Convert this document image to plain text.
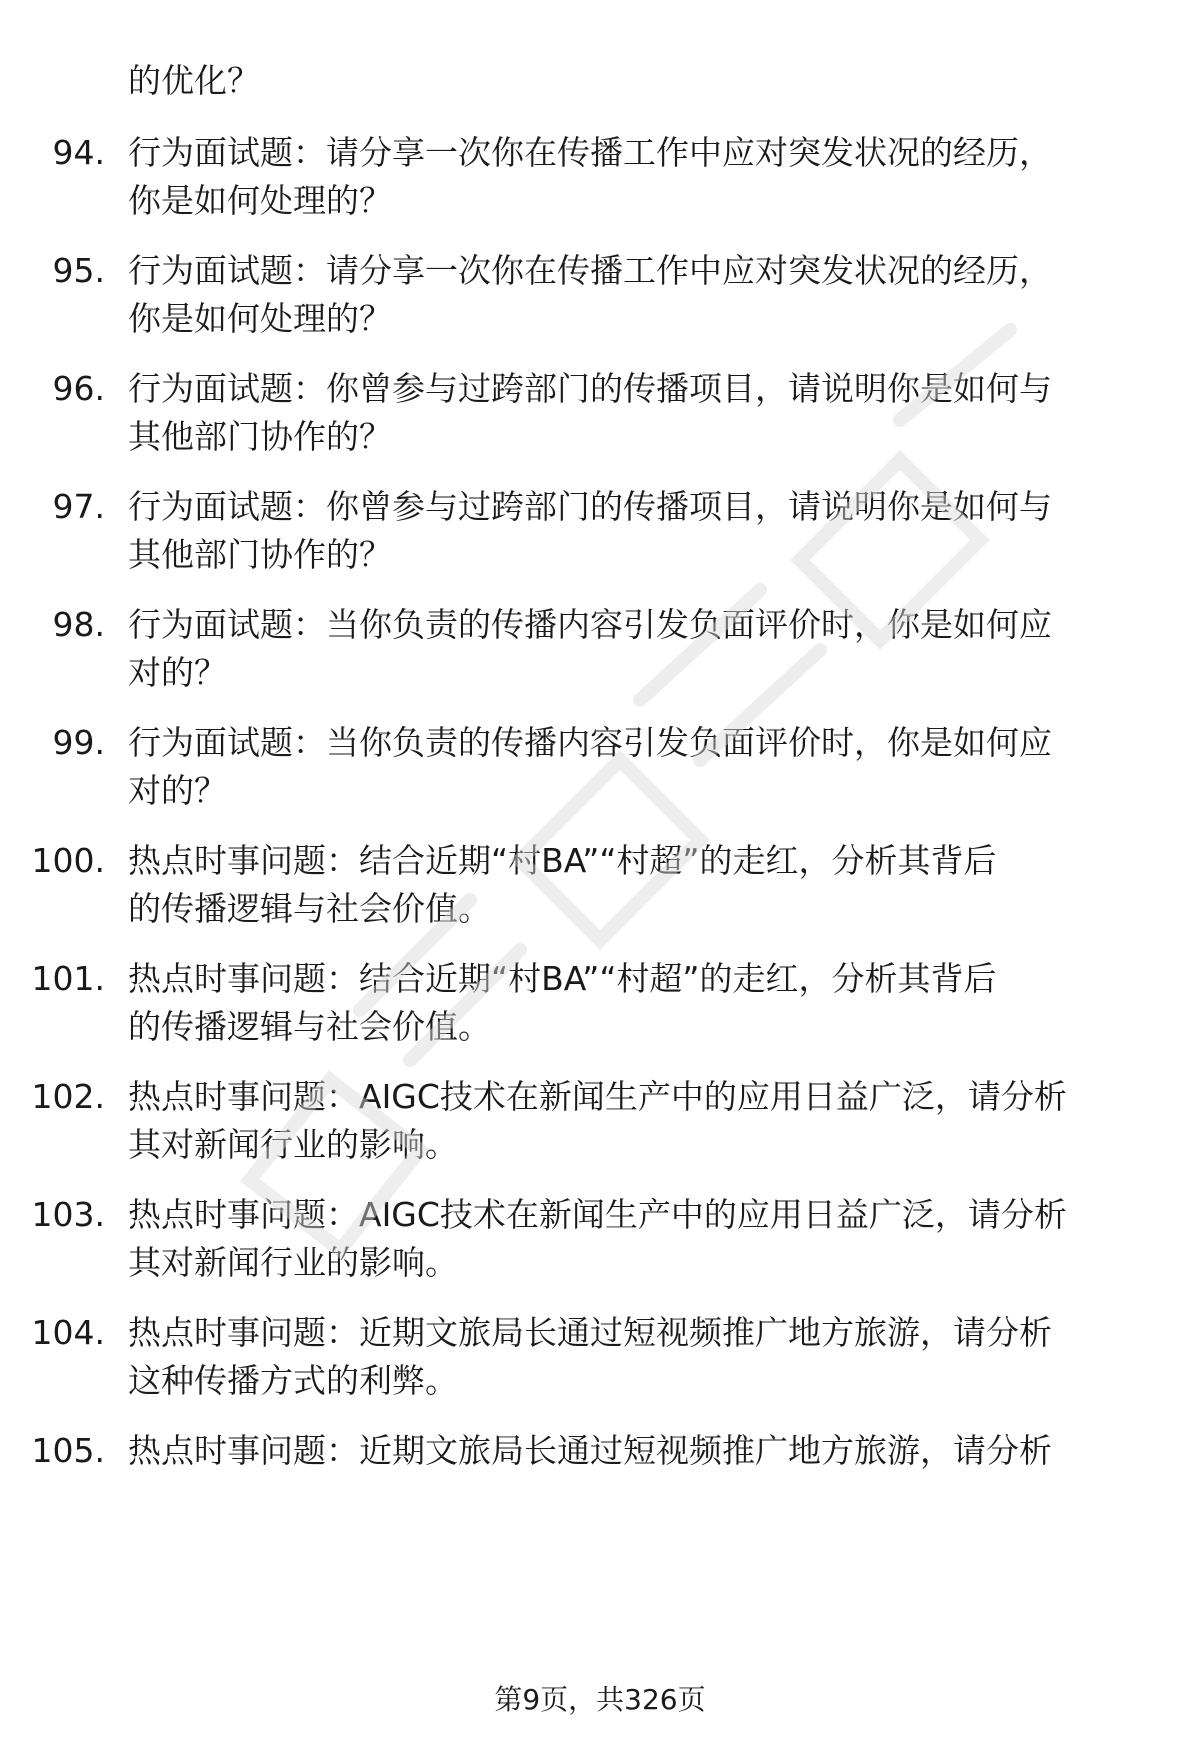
的优化？
94. 行为面试题：请分享一次你在传播工作中应对突发状况的经历，
你是如何处理的？
95. 行为面试题：请分享一次你在传播工作中应对突发状况的经历，
你是如何处理的？
96. 行为面试题：你曾参与过跨部门的传播项目，请说明你是如何与
其他部门协作的？
97. 行为面试题：你曾参与过跨部门的传播项目，请说明你是如何与
其他部门协作的？
98. 行为面试题：当你负责的传播内容引发负面评价时，你是如何应
对的？
99. 行为面试题：当你负责的传播内容引发负面评价时，你是如何应
对的？
100. 热点时事问题：结合近期“村BA”“村超”的走红，分析其背后
的传播逻辑与社会价值。
101. 热点时事问题：结合近期“村BA”“村超”的走红，分析其背后
的传播逻辑与社会价值。
102. 热点时事问题：AIGC技术在新闻生产中的应用日益广泛，请分析
其对新闻行业的影响。
103. 热点时事问题：AIGC技术在新闻生产中的应用日益广泛，请分析
其对新闻行业的影响。
104. 热点时事问题：近期文旅局长通过短视频推广地方旅游，请分析
这种传播方式的利弊。
105. 热点时事问题：近期文旅局长通过短视频推广地方旅游，请分析
第9页，共326页
